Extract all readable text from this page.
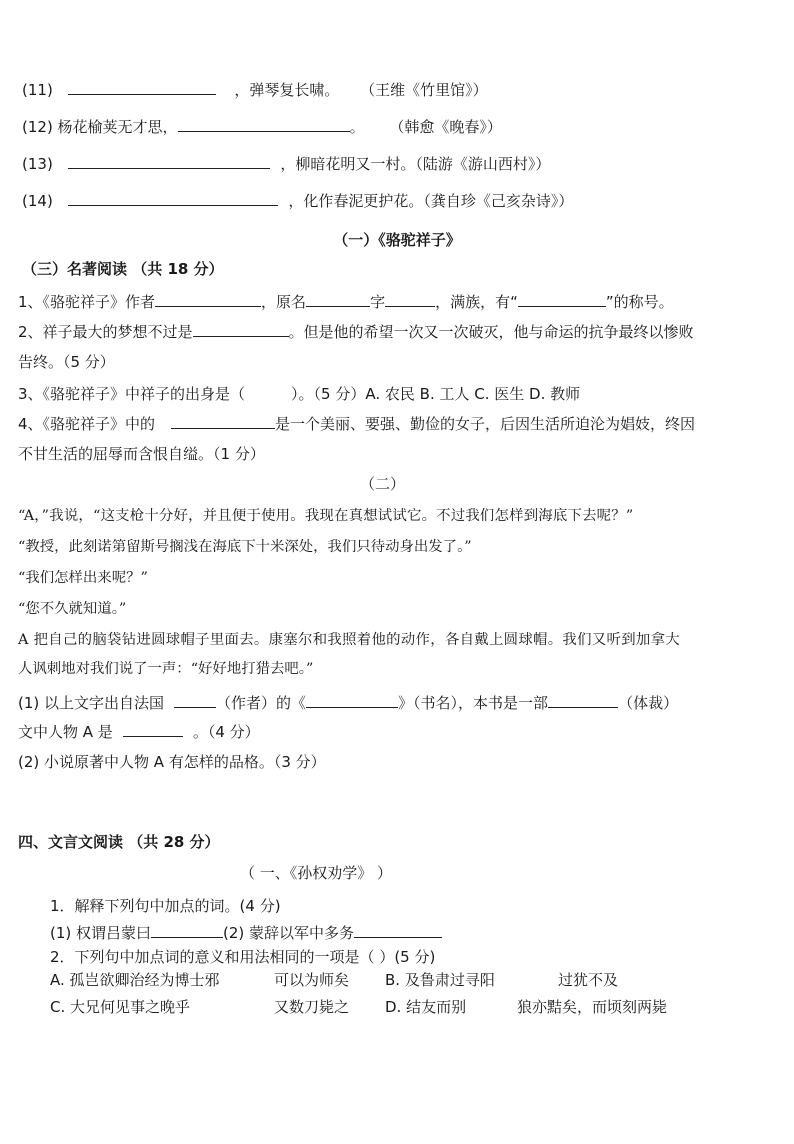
(11)	，弹琴复长啸。 （王维《竹里馆》）
(12) 杨花榆荚无才思，	。 （韩愈《晚春》）
(13)	，柳暗花明又一村。（陆游《游山西村》）
(14)	，化作春泥更护花。（龚自珍《己亥杂诗》）
（一）《骆驼祥子》
（三）名著阅读 （共 18 分）
1、《骆驼祥子》作者	，原名	字	，满族，有“	”的称号。
2、祥子最大的梦想不过是	。但是他的希望一次又一次破灭，他与命运的抗争最终以惨败
告终。（5 分）
3、《骆驼祥子》中祥子的出身是（	）。（5 分）A. 农民 B. 工人 C. 医生 D. 教师
4、《骆驼祥子》中的	是一个美丽、要强、勤俭的女子，后因生活所迫沦为娼妓，终因
不甘生活的屈辱而含恨自缢。（1 分）
（二）
“A，”我说，“这支枪十分好，并且便于使用。我现在真想试试它。不过我们怎样到海底下去呢？”
“教授，此刻诺第留斯号搁浅在海底下十米深处，我们只待动身出发了。”
“我们怎样出来呢？”
“您不久就知道。”
A 把自己的脑袋钻进圆球帽子里面去。康塞尔和我照着他的动作，各自戴上圆球帽。我们又听到加拿大
人讽刺地对我们说了一声：“好好地打猎去吧。”
(1) 以上文字出自法国	（作者）的《	》（书名），本书是一部	（体裁）
文中人物 A 是	。（4 分）
(2) 小说原著中人物 A 有怎样的品格。（3 分）
四、文言文阅读 （共 28 分）
（ 一、《孙权劝学》 ）
1．解释下列句中加点的词。(4 分)
(1) 权谓吕蒙曰	(2) 蒙辞以军中多务
2．下列句中加点词的意义和用法相同的一项是（ ）(5 分)
A. 孤岂欲卿治经为博士邪	可以为师矣 B. 及鲁肃过寻阳	过犹不及
C. 大兄何见事之晚乎	又数刀毙之 D. 结友而别	狼亦黠矣，而顷刻两毙
